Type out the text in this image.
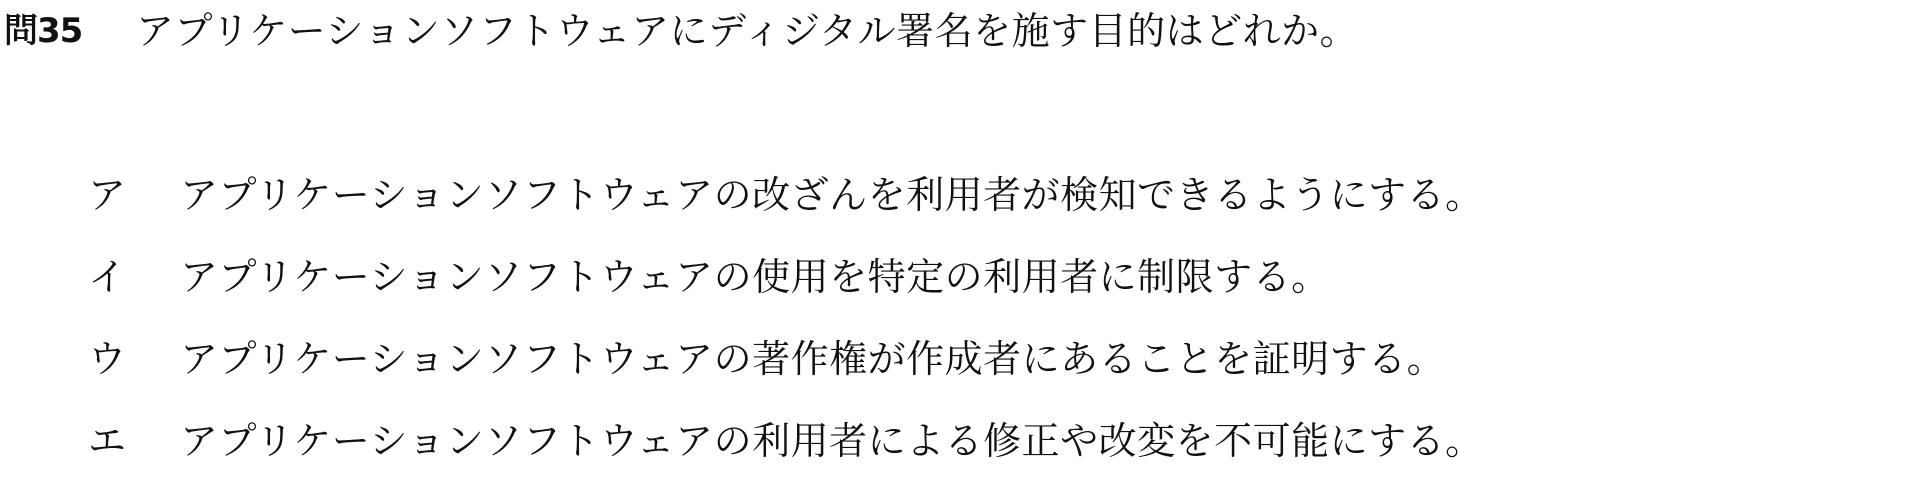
問35	アプリケーションソフトウェアにディジタル署名を施す目的はどれか。
ア	アプリケーションソフトウェアの改ざんを利用者が検知できるようにする。
イ	アプリケーションソフトウェアの使用を特定の利用者に制限する。
ウ	アプリケーションソフトウェアの著作権が作成者にあることを証明する。
エ	アプリケーションソフトウェアの利用者による修正や改変を不可能にする。
